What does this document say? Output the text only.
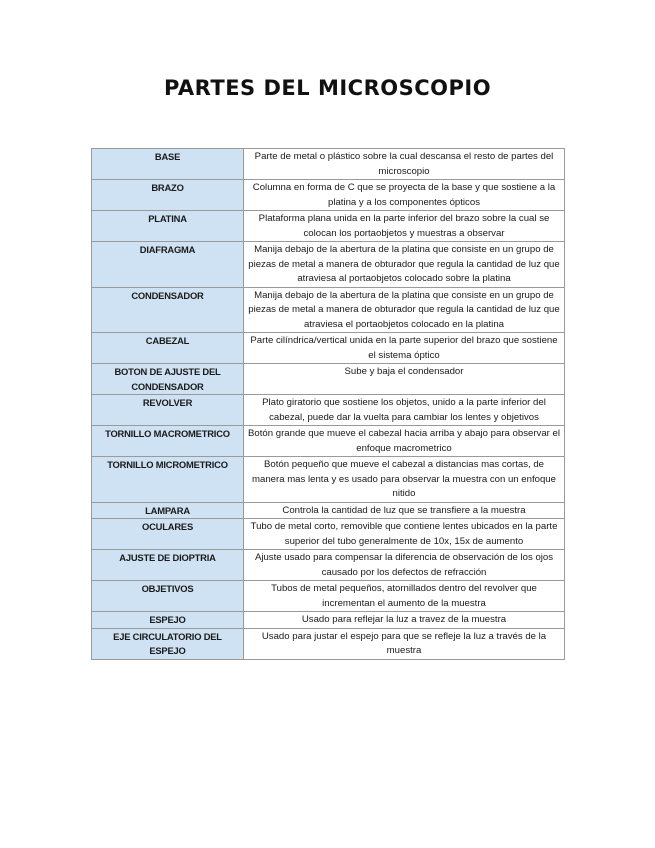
PARTES DEL MICROSCOPIO
BASE	Parte de metal o plástico sobre la cual descansa el resto de partes del microscopio
BRAZO	Columna en forma de C que se proyecta de la base y que sostiene a la platina y a los componentes ópticos
PLATINA	Plataforma plana unida en la parte inferior del brazo sobre la cual se colocan los portaobjetos y muestras a observar
DIAFRAGMA	Manija debajo de la abertura de la platina que consiste en un grupo de piezas de metal a manera de obturador que regula la cantidad de luz que atraviesa al portaobjetos colocado sobre la platina
CONDENSADOR	Manija debajo de la abertura de la platina que consiste en un grupo de piezas de metal a manera de obturador que regula la cantidad de luz que atraviesa el portaobjetos colocado en la platina
CABEZAL	Parte cilíndrica/vertical unida en la parte superior del brazo que sostiene el sistema óptico
BOTON DE AJUSTE DEL CONDENSADOR	Sube y baja el condensador
REVOLVER	Plato giratorio que sostiene los objetos, unido a la parte inferior del cabezal, puede dar la vuelta para cambiar los lentes y objetivos
TORNILLO MACROMETRICO	Botón grande que mueve el cabezal hacia arriba y abajo para observar el enfoque macrometrico
TORNILLO MICROMETRICO	Botón pequeño que mueve el cabezal a distancias mas cortas, de manera mas lenta y es usado para observar la muestra con un enfoque nitido
LAMPARA	Controla la cantidad de luz que se transfiere a la muestra
OCULARES	Tubo de metal corto, removible que contiene lentes ubicados en la parte superior del tubo generalmente de 10x, 15x de aumento
AJUSTE DE DIOPTRIA	Ajuste usado para compensar la diferencia de observación de los ojos causado por los defectos de refracción
OBJETIVOS	Tubos de metal pequeños, atornillados dentro del revolver que incrementan el aumento de la muestra
ESPEJO	Usado para reflejar la luz a travez de la muestra
EJE CIRCULATORIO DEL ESPEJO	Usado para justar el espejo para que se refleje la luz a través de la muestra
